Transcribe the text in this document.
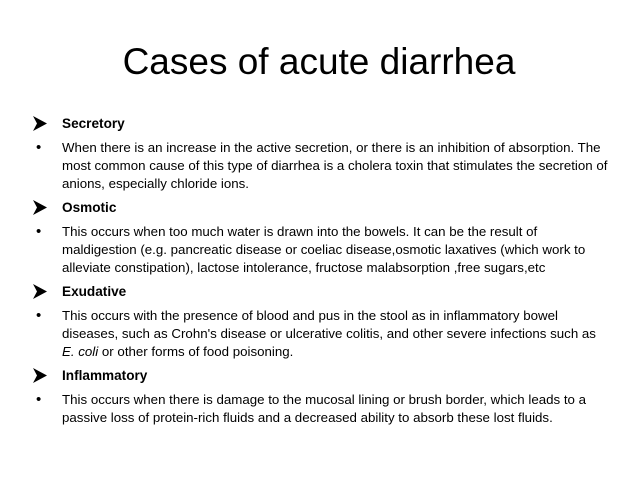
Cases of acute diarrhea
Secretory
• When there is an increase in the active secretion, or there is an inhibition of absorption. The most common cause of this type of diarrhea is a cholera toxin that stimulates the secretion of anions, especially chloride ions.

Osmotic
• This occurs when too much water is drawn into the bowels. It can be the result of maldigestion (e.g. pancreatic disease or coeliac disease,osmotic laxatives (which work to alleviate constipation), lactose intolerance, fructose malabsorption ,free sugars,etc

Exudative
• This occurs with the presence of blood and pus in the stool as in inflammatory bowel diseases, such as Crohn's disease or ulcerative colitis, and other severe infections such as E. coli or other forms of food poisoning.

Inflammatory
• This occurs when there is damage to the mucosal lining or brush border, which leads to a passive loss of protein-rich fluids and a decreased ability to absorb these lost fluids.
